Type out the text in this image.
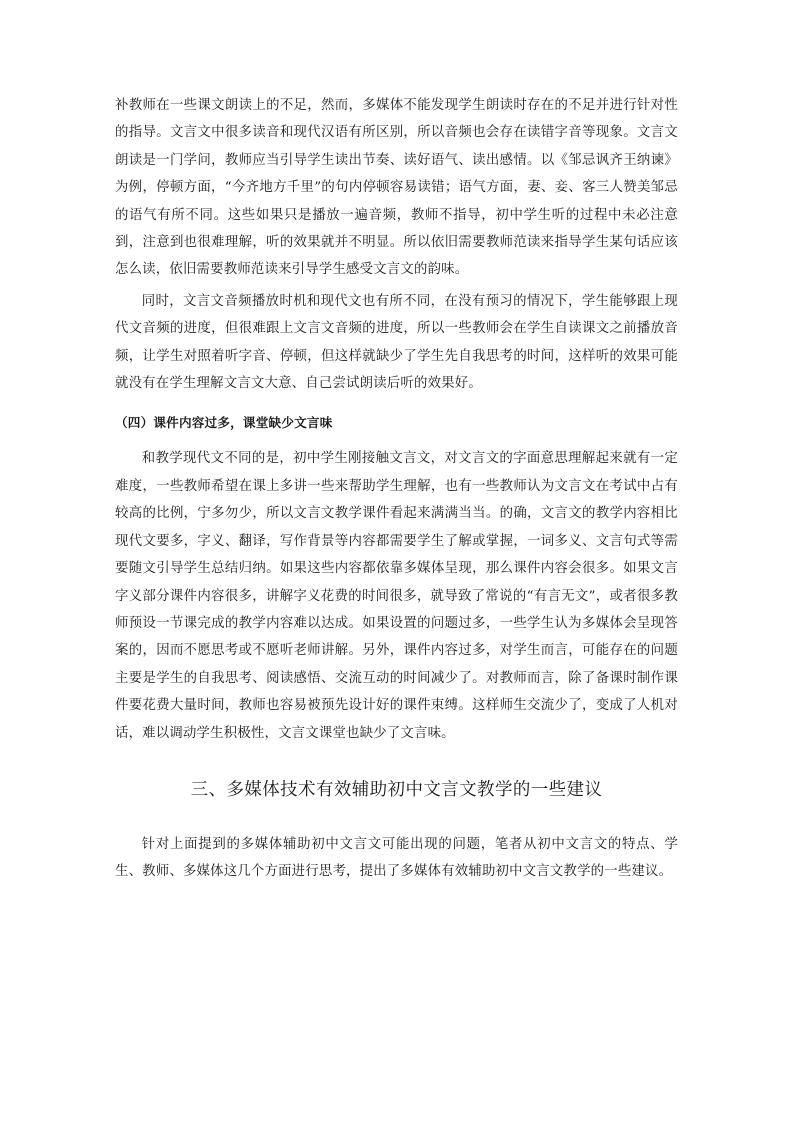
补教师在一些课文朗读上的不足，然而，多媒体不能发现学生朗读时存在的不足并进行针对性的指导。文言文中很多读音和现代汉语有所区别，所以音频也会存在读错字音等现象。文言文朗读是一门学问，教师应当引导学生读出节奏、读好语气、读出感情。以《邹忌讽齐王纳谏》为例，停顿方面，“今齐地方千里”的句内停顿容易读错；语气方面，妻、妾、客三人赞美邹忌的语气有所不同。这些如果只是播放一遍音频，教师不指导，初中学生听的过程中未必注意到，注意到也很难理解，听的效果就并不明显。所以依旧需要教师范读来指导学生某句话应该怎么读，依旧需要教师范读来引导学生感受文言文的韵味。

同时，文言文音频播放时机和现代文也有所不同，在没有预习的情况下，学生能够跟上现代文音频的进度，但很难跟上文言文音频的进度，所以一些教师会在学生自读课文之前播放音频，让学生对照着听字音、停顿，但这样就缺少了学生先自我思考的时间，这样听的效果可能就没有在学生理解文言文大意、自己尝试朗读后听的效果好。

（四）课件内容过多，课堂缺少文言味

和教学现代文不同的是，初中学生刚接触文言文，对文言文的字面意思理解起来就有一定难度，一些教师希望在课上多讲一些来帮助学生理解，也有一些教师认为文言文在考试中占有较高的比例，宁多勿少，所以文言文教学课件看起来满满当当。的确，文言文的教学内容相比现代文要多，字义、翻译，写作背景等内容都需要学生了解或掌握，一词多义、文言句式等需要随文引导学生总结归纳。如果这些内容都依靠多媒体呈现，那么课件内容会很多。如果文言字义部分课件内容很多，讲解字义花费的时间很多，就导致了常说的“有言无文”，或者很多教师预设一节课完成的教学内容难以达成。如果设置的问题过多，一些学生认为多媒体会呈现答案的，因而不愿思考或不愿听老师讲解。另外，课件内容过多，对学生而言，可能存在的问题主要是学生的自我思考、阅读感悟、交流互动的时间减少了。对教师而言，除了备课时制作课件要花费大量时间，教师也容易被预先设计好的课件束缚。这样师生交流少了，变成了人机对话，难以调动学生积极性，文言文课堂也缺少了文言味。

三、多媒体技术有效辅助初中文言文教学的一些建议

针对上面提到的多媒体辅助初中文言文可能出现的问题，笔者从初中文言文的特点、学生、教师、多媒体这几个方面进行思考，提出了多媒体有效辅助初中文言文教学的一些建议。
